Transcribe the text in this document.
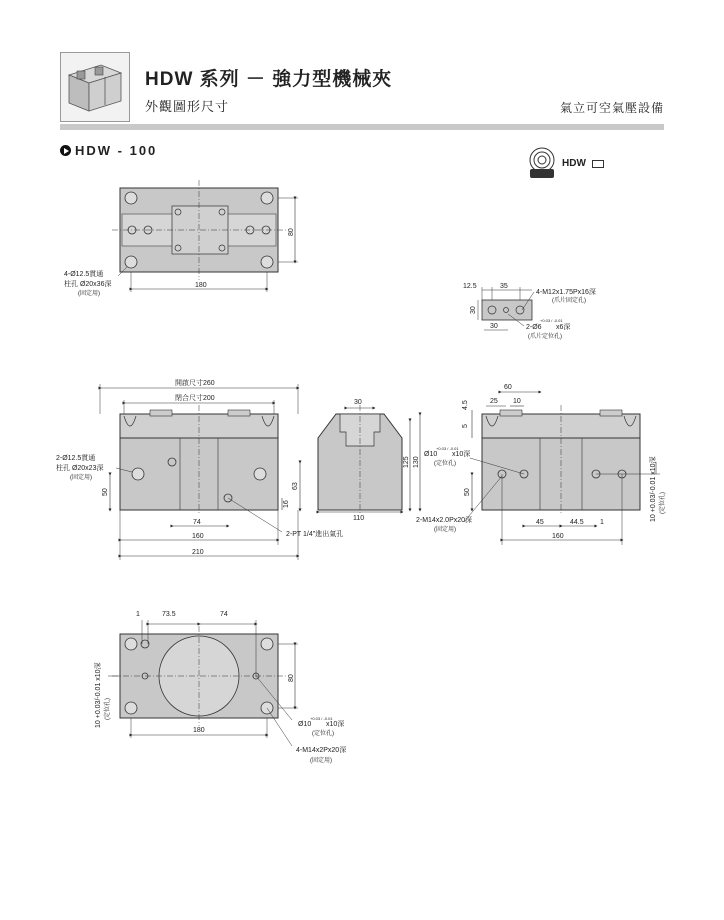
HDW 系列 － 強力型機械夾
外觀圖形尺寸	氣立可空氣壓設備
HDW - 100
HDW
180
80
4-Ø12.5貫通
柱孔 Ø20x36深
(固定用)
12.5	35
30
30
4-M12x1.75Px16深
(爪片固定孔)
2-Ø6
+0.03 / -0.01
x6深
(爪片定位孔)
開啟尺寸260
閉合尺寸200
2-Ø12.5貫通
柱孔 Ø20x23深
(固定用)
50
63
16
74
160
210
2-PT 1/4"進出氣孔
30
125 130
110
60
25 10
4.5
5
50
45	44.5 1
160
Ø10
+0.03 / -0.01
x10深
(定位孔)
2-M14x2.0Px20深
(固定用)
10 +0.03/-0.01 x10深 (定位孔)
1	73.5	74
80
180
10 +0.03/-0.01 x10深 (定位孔)
Ø10
+0.03 / -0.01
x10深
(定位孔)
4-M14x2Px20深
(固定用)
